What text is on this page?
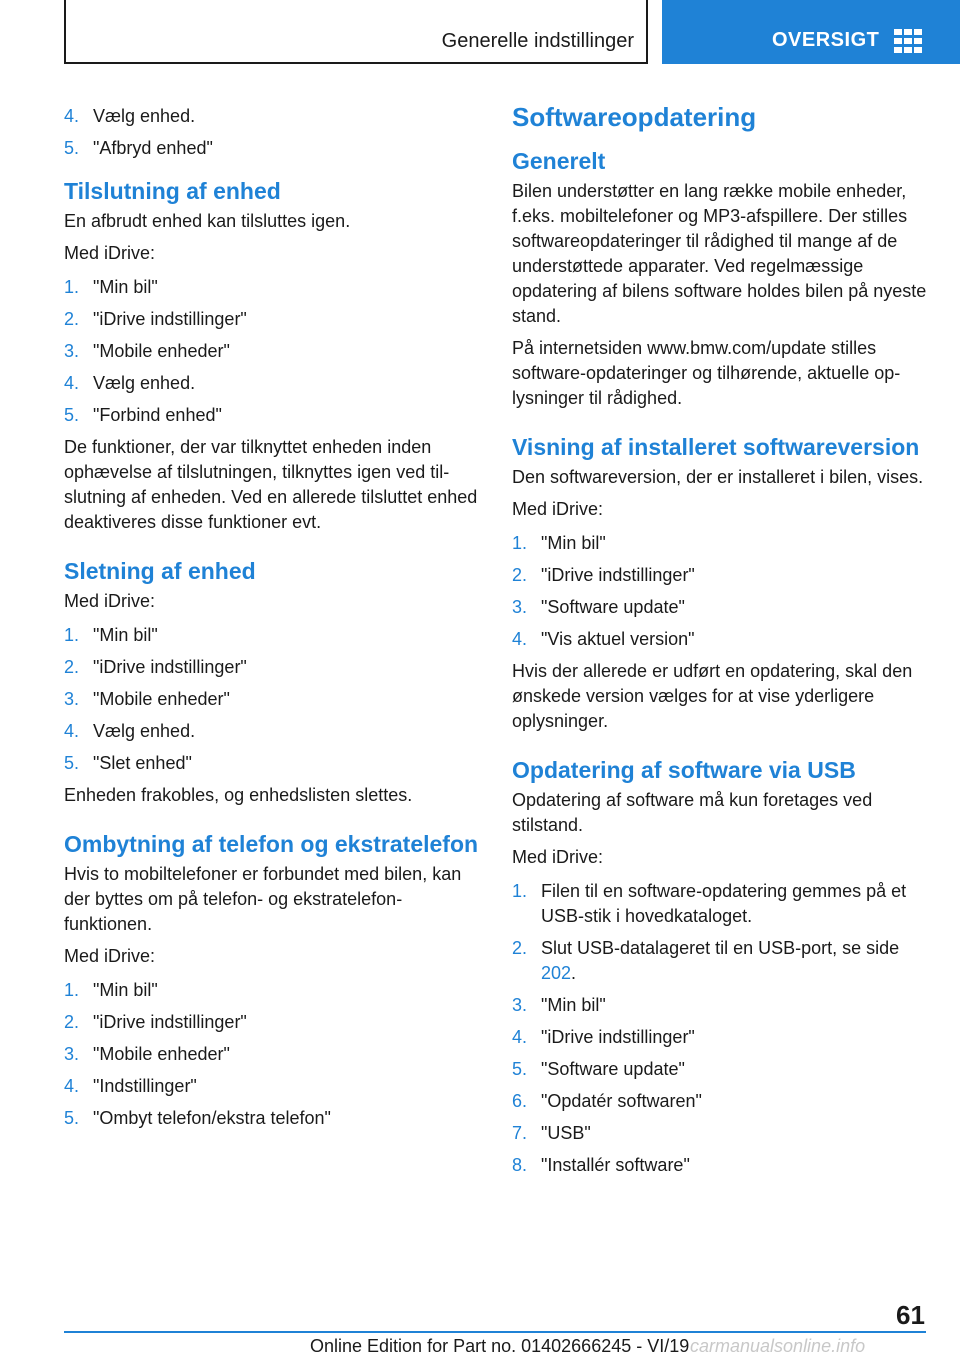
Generelle indstillinger	OVERSIGT
4. Vælg enhed.
5. "Afbryd enhed"
Tilslutning af enhed
En afbrudt enhed kan tilsluttes igen.
Med iDrive:
1. "Min bil"
2. "iDrive indstillinger"
3. "Mobile enheder"
4. Vælg enhed.
5. "Forbind enhed"
De funktioner, der var tilknyttet enheden inden ophævelse af tilslutningen, tilknyttes igen ved tilslutning af enheden. Ved en allerede tilsluttet enhed deaktiveres disse funktioner evt.
Sletning af enhed
Med iDrive:
1. "Min bil"
2. "iDrive indstillinger"
3. "Mobile enheder"
4. Vælg enhed.
5. "Slet enhed"
Enheden frakobles, og enhedslisten slettes.
Ombytning af telefon og ekstratelefon
Hvis to mobiltelefoner er forbundet med bilen, kan der byttes om på telefon- og ekstratelefonfunktionen.
Med iDrive:
1. "Min bil"
2. "iDrive indstillinger"
3. "Mobile enheder"
4. "Indstillinger"
5. "Ombyt telefon/ekstra telefon"
Softwareopdatering
Generelt
Bilen understøtter en lang række mobile enheder, f.eks. mobiltelefoner og MP3-afspillere. Der stilles softwareopdateringer til rådighed til mange af de understøttede apparater. Ved regelmæssige opdatering af bilens software holdes bilen på nyeste stand.
På internetsiden www.bmw.com/update stilles software-opdateringer og tilhørende, aktuelle oplysninger til rådighed.
Visning af installeret softwareversion
Den softwareversion, der er installeret i bilen, vises.
Med iDrive:
1. "Min bil"
2. "iDrive indstillinger"
3. "Software update"
4. "Vis aktuel version"
Hvis der allerede er udført en opdatering, skal den ønskede version vælges for at vise yderligere oplysninger.
Opdatering af software via USB
Opdatering af software må kun foretages ved stilstand.
Med iDrive:
1. Filen til en software-opdatering gemmes på et USB-stik i hovedkataloget.
2. Slut USB-datalageret til en USB-port, se side 202.
3. "Min bil"
4. "iDrive indstillinger"
5. "Software update"
6. "Opdatér softwaren"
7. "USB"
8. "Installér software"
61
Online Edition for Part no. 01402666245 - VI/19 carmanualsonline.info
